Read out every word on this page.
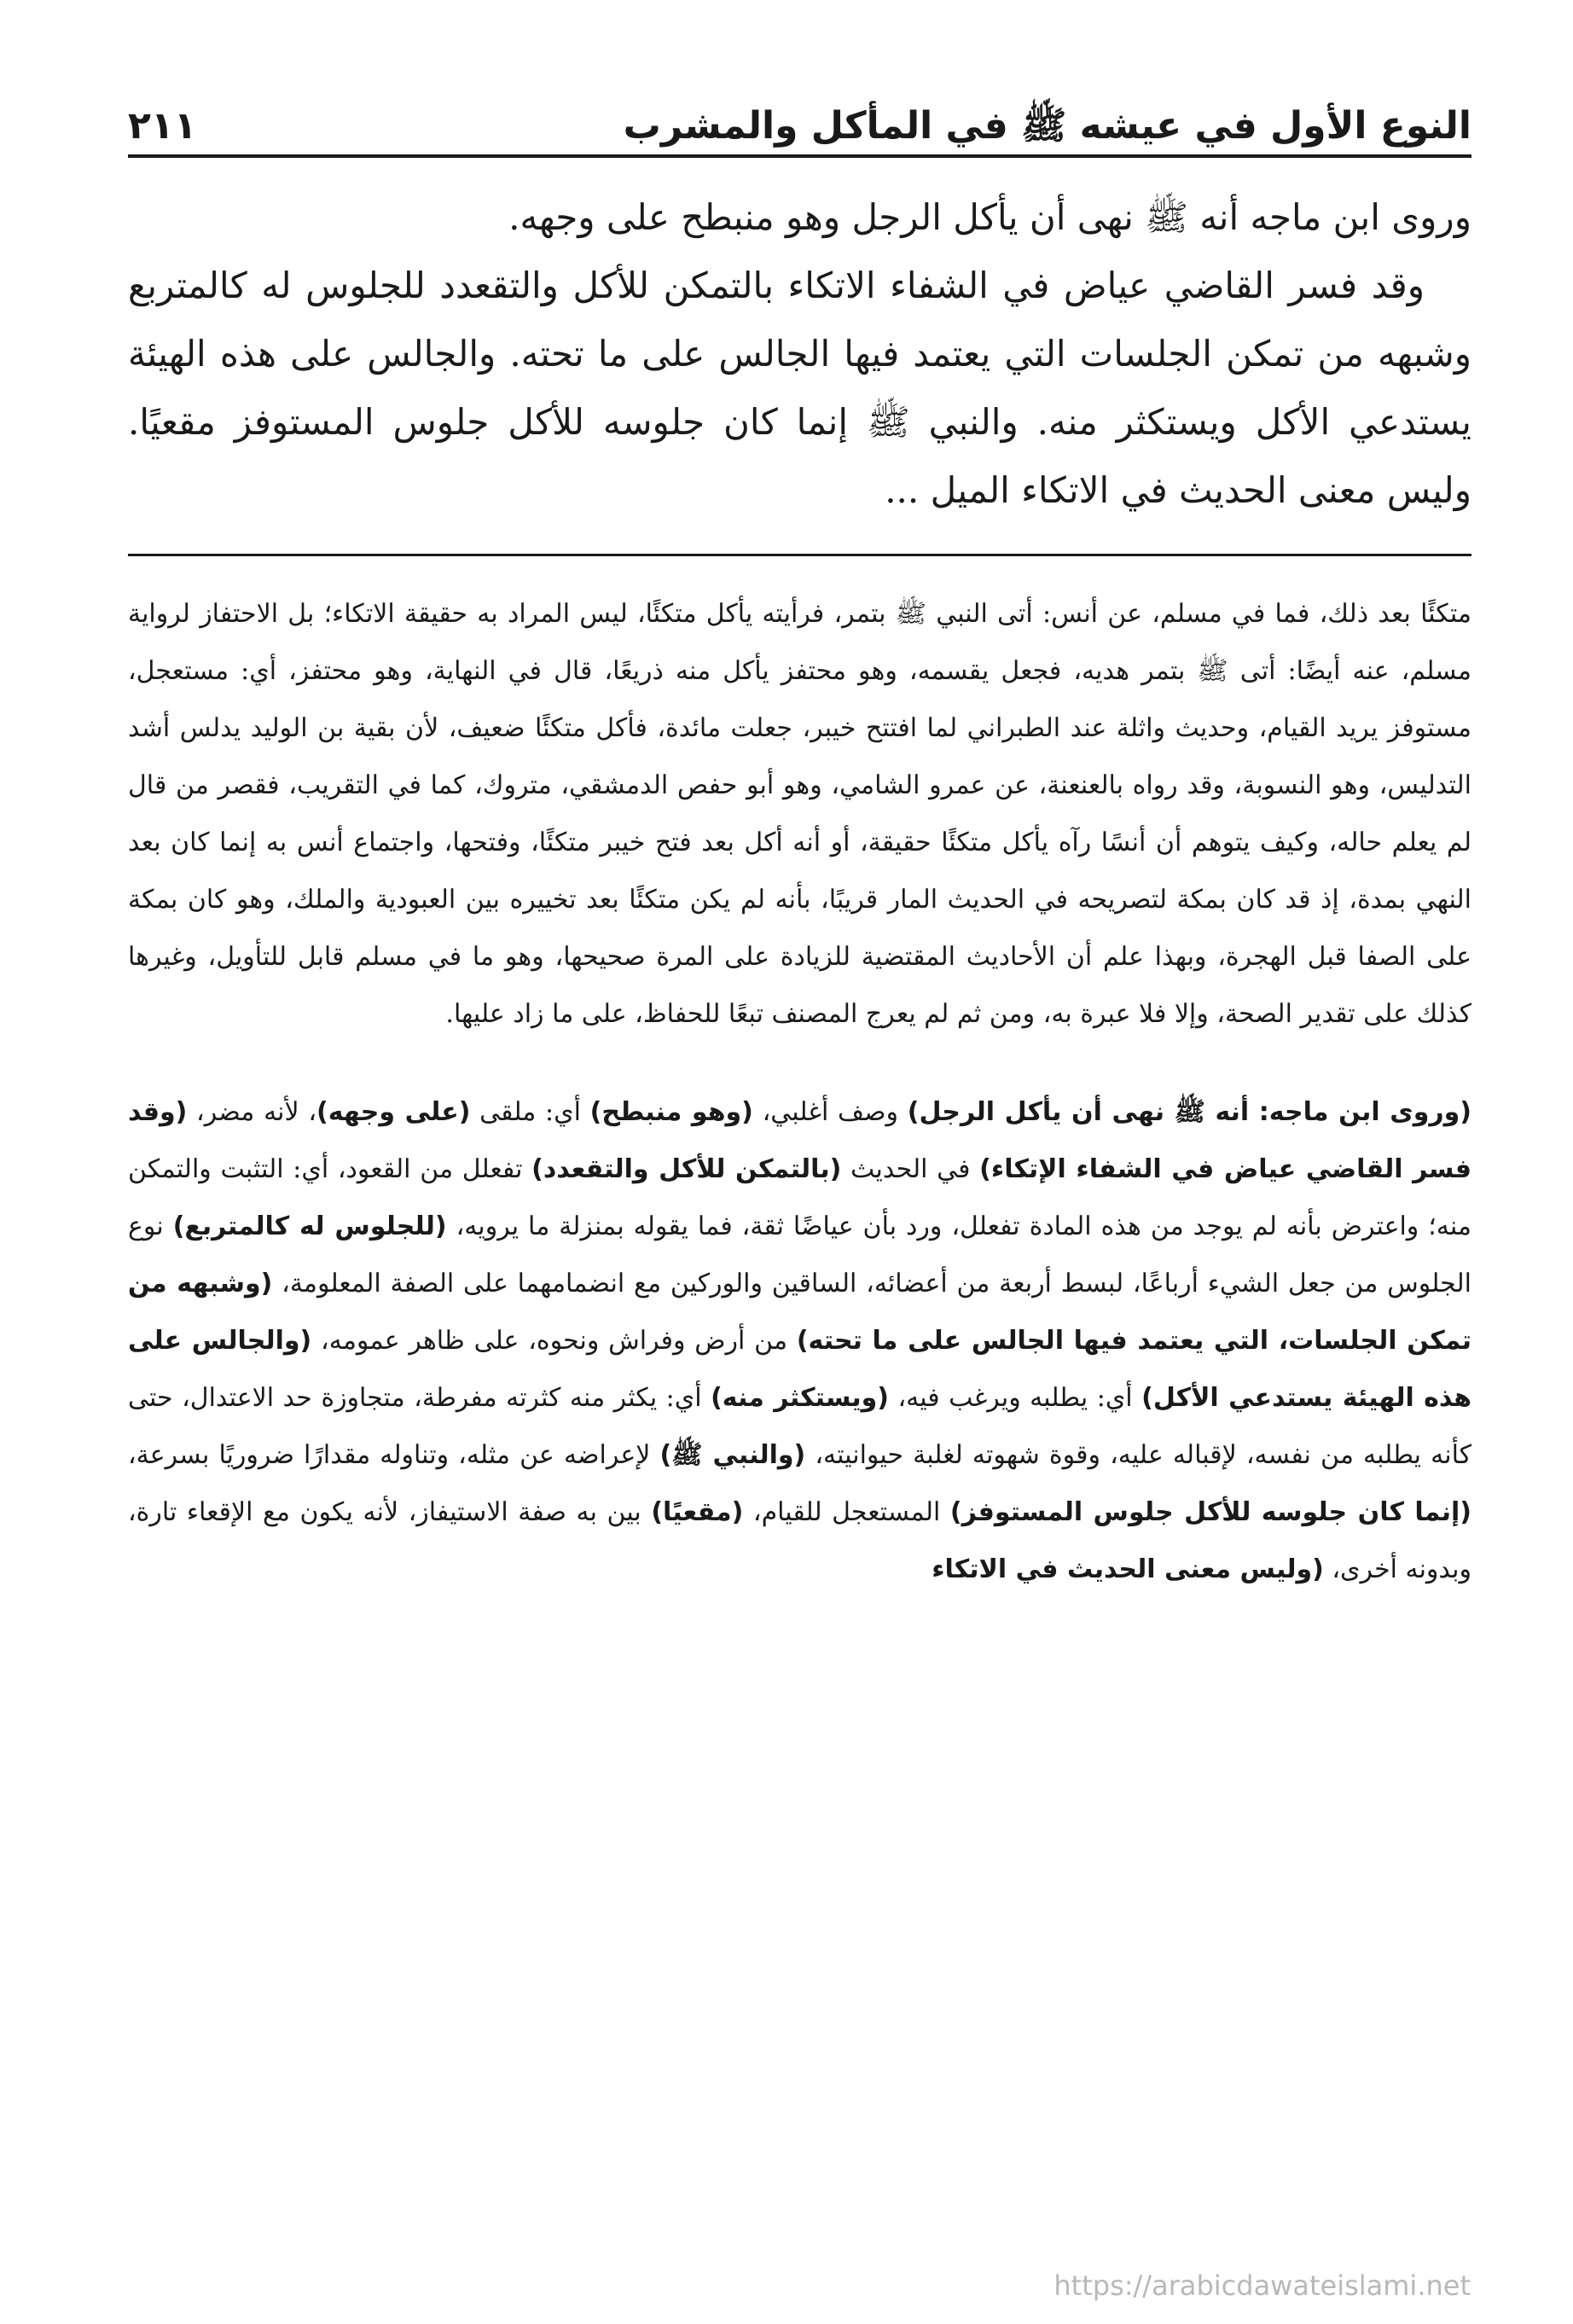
النوع الأول في عيشه ﷺ في المأكل والمشرب
٢١١

وروى ابن ماجه أنه ﷺ نهى أن يأكل الرجل وهو منبطح على وجهه.

وقد فسر القاضي عياض في الشفاء الاتكاء بالتمكن للأكل والتقعدد للجلوس له كالمتربع وشبهه من تمكن الجلسات التي يعتمد فيها الجالس على ما تحته. والجالس على هذه الهيئة يستدعي الأكل ويستكثر منه. والنبي ﷺ إنما كان جلوسه للأكل جلوس المستوفز مقعيًا. وليس معنى الحديث في الاتكاء الميل ...

متكئًا بعد ذلك، فما في مسلم، عن أنس: أتى النبي ﷺ بتمر، فرأيته يأكل متكئًا، ليس المراد به حقيقة الاتكاء؛ بل الاحتفاز لرواية مسلم، عنه أيضًا: أتى ﷺ بتمر هديه، فجعل يقسمه، وهو محتفز يأكل منه ذريعًا، قال في النهاية، وهو محتفز، أي: مستعجل، مستوفز يريد القيام، وحديث واثلة عند الطبراني لما افتتح خيبر، جعلت مائدة، فأكل متكئًا ضعيف، لأن بقية بن الوليد يدلس أشد التدليس، وهو النسوبة، وقد رواه بالعنعنة، عن عمرو الشامي، وهو أبو حفص الدمشقي، متروك، كما في التقريب، فقصر من قال لم يعلم حاله، وكيف يتوهم أن أنسًا رآه يأكل متكئًا حقيقة، أو أنه أكل بعد فتح خيبر متكئًا، وفتحها، واجتماع أنس به إنما كان بعد النهي بمدة، إذ قد كان بمكة لتصريحه في الحديث المار قريبًا، بأنه لم يكن متكئًا بعد تخييره بين العبودية والملك، وهو كان بمكة على الصفا قبل الهجرة، وبهذا علم أن الأحاديث المقتضية للزيادة على المرة صحيحها، وهو ما في مسلم قابل للتأويل، وغيرها كذلك على تقدير الصحة، وإلا فلا عبرة به، ومن ثم لم يعرج المصنف تبعًا للحفاظ، على ما زاد عليها.

(وروى ابن ماجه: أنه ﷺ نهى أن يأكل الرجل) وصف أغلبي، (وهو منبطح) أي: ملقى (على وجهه)، لأنه مضر، (وقد فسر القاضي عياض في الشفاء الإتكاء) في الحديث (بالتمكن للأكل والتقعدد) تفعلل من القعود، أي: التثبت والتمكن منه؛ واعترض بأنه لم يوجد من هذه المادة تفعلل، ورد بأن عياضًا ثقة، فما يقوله بمنزلة ما يرويه، (للجلوس له كالمتربع) نوع الجلوس من جعل الشيء أرباعًا، لبسط أربعة من أعضائه، الساقين والوركين مع انضمامهما على الصفة المعلومة، (وشبهه من تمكن الجلسات، التي يعتمد فيها الجالس على ما تحته) من أرض وفراش ونحوه، على ظاهر عمومه، (والجالس على هذه الهيئة يستدعي الأكل) أي: يطلبه ويرغب فيه، (ويستكثر منه) أي: يكثر منه كثرته مفرطة، متجاوزة حد الاعتدال، حتى كأنه يطلبه من نفسه، لإقباله عليه، وقوة شهوته لغلبة حيوانيته، (والنبي ﷺ) لإعراضه عن مثله، وتناوله مقدارًا ضروريًا بسرعة، (إنما كان جلوسه للأكل جلوس المستوفز) المستعجل للقيام، (مقعيًا) بين به صفة الاستيفاز، لأنه يكون مع الإقعاء تارة، وبدونه أخرى، (وليس معنى الحديث في الاتكاء

https://arabicdawateislami.net
